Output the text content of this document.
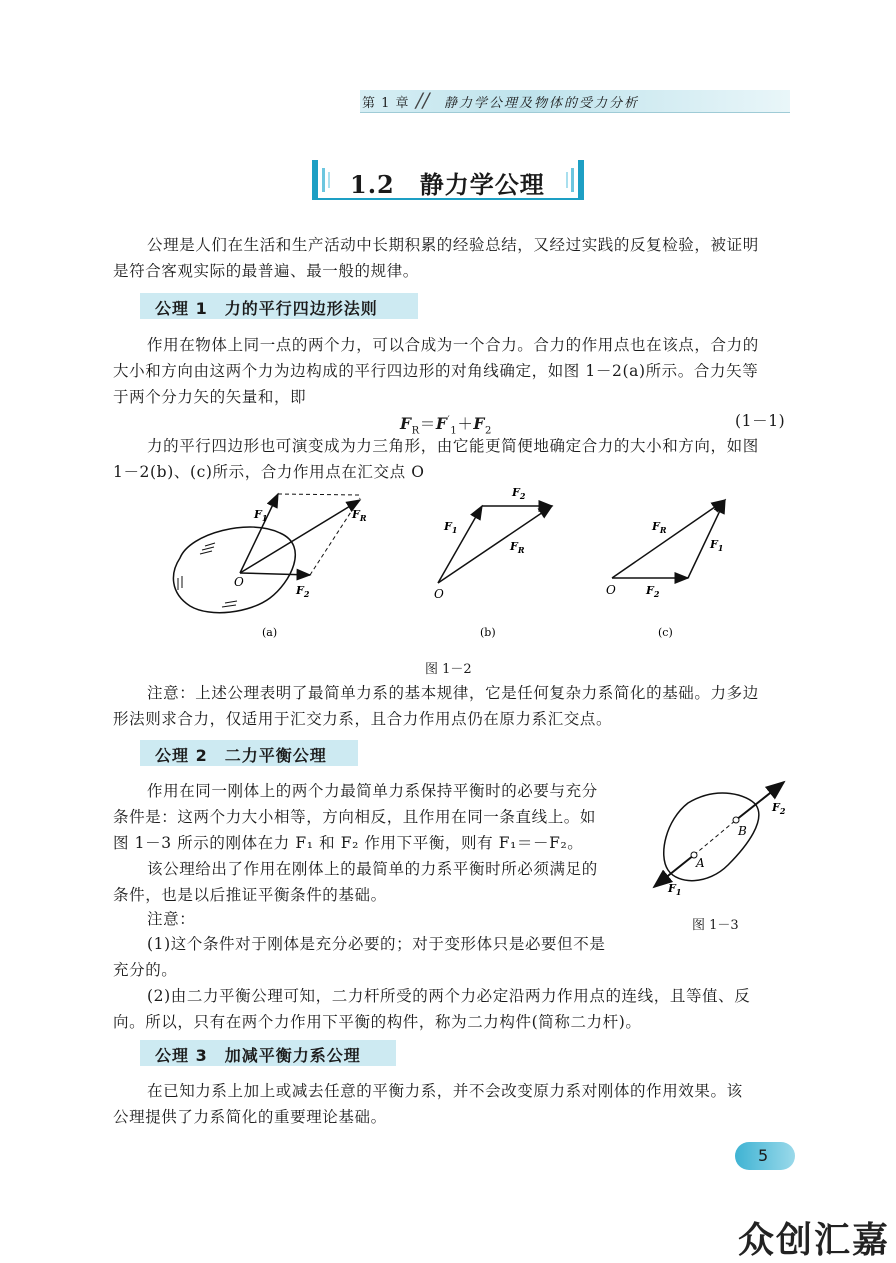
第 1 章 // 静力学公理及物体的受力分析
1.2　静力学公理
公理是人们在生活和生产活动中长期积累的经验总结，又经过实践的反复检验，被证明
是符合客观实际的最普遍、最一般的规律。
公理 1　力的平行四边形法则
作用在物体上同一点的两个力，可以合成为一个合力。合力的作用点也在该点，合力的
大小和方向由这两个力为边构成的平行四边形的对角线确定，如图 1－2(a)所示。合力矢等
于两个分力矢的矢量和，即
$F_R=F'_1+F_2$
(1－1)
力的平行四边形也可演变成为力三角形，由它能更简便地确定合力的大小和方向，如图
1－2(b)、(c)所示，合力作用点在汇交点 O
$F_1$	$F_R$
$F_2$
O
(a)
$F_1$
$F_2$
$F_R$
O
(b)
$F_R$
$F_1$
$F_2$
O
(c)
图 1－2
注意：上述公理表明了最简单力系的基本规律，它是任何复杂力系简化的基础。力多边
形法则求合力，仅适用于汇交力系，且合力作用点仍在原力系汇交点。
公理 2　二力平衡公理
作用在同一刚体上的两个力最简单力系保持平衡时的必要与充分
条件是：这两个力大小相等，方向相反，且作用在同一条直线上。如
图 1－3 所示的刚体在力 F₁ 和 F₂ 作用下平衡，则有 F₁＝－F₂。
该公理给出了作用在刚体上的最简单的力系平衡时所必须满足的
条件，也是以后推证平衡条件的基础。
注意：
(1)这个条件对于刚体是充分必要的；对于变形体只是必要但不是
充分的。
(2)由二力平衡公理可知，二力杆所受的两个力必定沿两力作用点的连线，且等值、反
向。所以，只有在两个力作用下平衡的构件，称为二力构件(简称二力杆)。
B
A
$F_2$
$F_1$
图 1－3
公理 3　加减平衡力系公理
在已知力系上加上或减去任意的平衡力系，并不会改变原力系对刚体的作用效果。该
公理提供了力系简化的重要理论基础。
5
众创汇嘉
